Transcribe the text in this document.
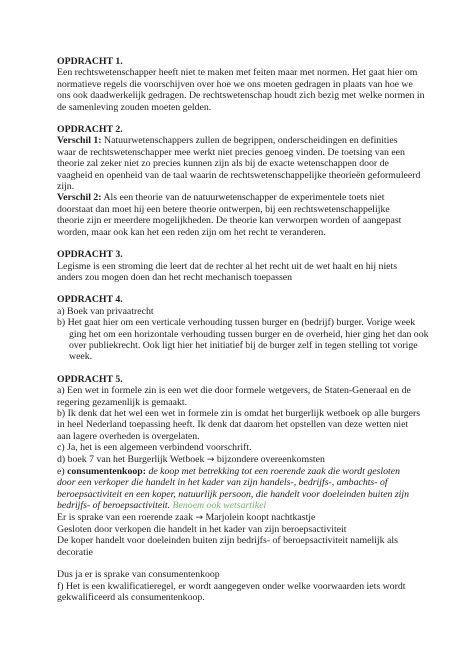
OPDRACHT 1.

Een rechtswetenschapper heeft niet te maken met feiten maar met normen. Het gaat hier om

normatieve regels die voorschijven over hoe we ons moeten gedragen in plaats van hoe we

ons ook daadwerkelijk gedragen. De rechtswetenschap houdt zich bezig met welke normen in

de samenleving zouden moeten gelden.

OPDRACHT 2.

Verschil 1: Natuurwetenschappers zullen de begrippen, onderscheidingen en definities

waar de rechtswetenschapper mee werkt niet precies genoeg vinden. De toetsing van een

theorie zal zeker niet zo precies kunnen zijn als bij de exacte wetenschappen door de

vaagheid en openheid van de taal waarin de rechtswetenschappelijke theorieën geformuleerd

zijn.

Verschil 2: Als een theorie van de natuurwetenschapper de experimentele toets niet

doorstaat dan moet hij een betere theorie ontwerpen, bij een rechtswetenschappelijke

theorie zijn er meerdere mogelijkheden. De theorie kan verworpen worden of aangepast

worden, maar ook kan het een reden zijn om het recht te veranderen.

OPDRACHT 3.

Legisme is een stroming die leert dat de rechter al het recht uit de wet haalt en hij niets

anders zou mogen doen dan het recht mechanisch toepassen

OPDRACHT 4.

a) Boek van privaatrecht

b) Het gaat hier om een verticale verhouding tussen burger en (bedrijf) burger. Vorige week

ging het om een horizontale verhouding tussen burger en de overheid, hier ging het dan ook

over publiekrecht. Ook ligt hier het initiatief bij de burger zelf in tegen stelling tot vorige

week.

OPDRACHT 5.

a) Een wet in formele zin is een wet die door formele wetgevers, de Staten-Generaal en de

regering gezamenlijk is gemaakt.

b) Ik denk dat het wel een wet in formele zin is omdat het burgerlijk wetboek op alle burgers

in heel Nederland toepassing heeft. Ik denk dat daarom het opstellen van deze wetten niet

aan lagere overheden is overgelaten.

c) Ja, het is een algemeen verbindend voorschrift.

d) boek 7 van het Burgerlijk Wetboek → bijzondere overeenkomsten

e) consumentenkoop: de koop met betrekking tot een roerende zaak die wordt gesloten

door een verkoper die handelt in het kader van zijn handels-, bedrijfs-, ambachts- of

beroepsactiviteit en een koper, natuurlijk persoon, die handelt voor doeleinden buiten zijn

bedrijfs- of beroepsactiviteit. Benoem ook wetsartikel

Er is sprake van een roerende zaak → Marjolein koopt nachtkastje

Gesloten door verkopen die handelt in het kader van zijn beroepsactiviteit

De koper handelt voor doeleinden buiten zijn bedrijfs- of beroepsactiviteit namelijk als

decoratie

Dus ja er is sprake van consumentenkoop

f) Het is een kwalificatieregel, er wordt aangegeven onder welke voorwaarden iets wordt

gekwalificeerd als consumentenkoop.
